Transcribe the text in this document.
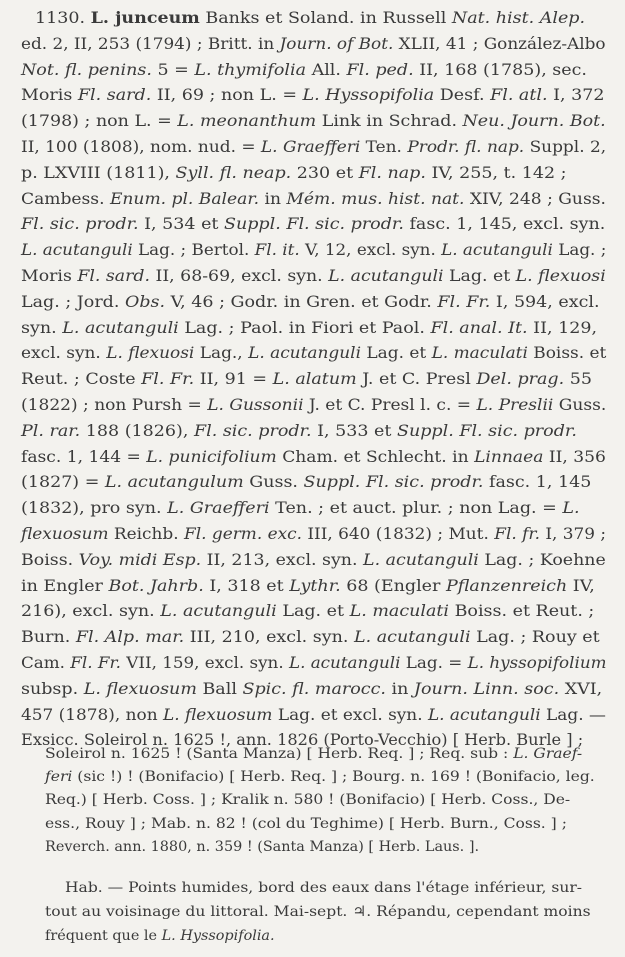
1130. L. junceum Banks et Soland. in Russell Nat. hist. Alep.
ed. 2, II, 253 (1794) ; Britt. in Journ. of Bot. XLII, 41 ; González-Albo
Not. fl. penins. 5 = L. thymifolia All. Fl. ped. II, 168 (1785), sec.
Moris Fl. sard. II, 69 ; non L. = L. Hyssopifolia Desf. Fl. atl. I, 372
(1798) ; non L. = L. meonanthum Link in Schrad. Neu. Journ. Bot.
II, 100 (1808), nom. nud. = L. Graefferi Ten. Prodr. fl. nap. Suppl. 2,
p. LXVIII (1811), Syll. fl. neap. 230 et Fl. nap. IV, 255, t. 142 ;
Cambess. Enum. pl. Balear. in Mém. mus. hist. nat. XIV, 248 ; Guss.
Fl. sic. prodr. I, 534 et Suppl. Fl. sic. prodr. fasc. 1, 145, excl. syn.
L. acutanguli Lag. ; Bertol. Fl. it. V, 12, excl. syn. L. acutanguli Lag. ;
Moris Fl. sard. II, 68-69, excl. syn. L. acutanguli Lag. et L. flexuosi
Lag. ; Jord. Obs. V, 46 ; Godr. in Gren. et Godr. Fl. Fr. I, 594, excl.
syn. L. acutanguli Lag. ; Paol. in Fiori et Paol. Fl. anal. It. II, 129,
excl. syn. L. flexuosi Lag., L. acutanguli Lag. et L. maculati Boiss. et
Reut. ; Coste Fl. Fr. II, 91 = L. alatum J. et C. Presl Del. prag. 55
(1822) ; non Pursh = L. Gussonii J. et C. Presl l. c. = L. Preslii Guss.
Pl. rar. 188 (1826), Fl. sic. prodr. I, 533 et Suppl. Fl. sic. prodr.
fasc. 1, 144 = L. punicifolium Cham. et Schlecht. in Linnaea II, 356
(1827) = L. acutangulum Guss. Suppl. Fl. sic. prodr. fasc. 1, 145
(1832), pro syn. L. Graefferi Ten. ; et auct. plur. ; non Lag. = L.
flexuosum Reichb. Fl. germ. exc. III, 640 (1832) ; Mut. Fl. fr. I, 379 ;
Boiss. Voy. midi Esp. II, 213, excl. syn. L. acutanguli Lag. ; Koehne
in Engler Bot. Jahrb. I, 318 et Lythr. 68 (Engler Pflanzenreich IV,
216), excl. syn. L. acutanguli Lag. et L. maculati Boiss. et Reut. ;
Burn. Fl. Alp. mar. III, 210, excl. syn. L. acutanguli Lag. ; Rouy et
Cam. Fl. Fr. VII, 159, excl. syn. L. acutanguli Lag. = L. hyssopifolium
subsp. L. flexuosum Ball Spic. fl. marocc. in Journ. Linn. soc. XVI,
457 (1878), non L. flexuosum Lag. et excl. syn. L. acutanguli Lag. —
Exsicc. Soleirol n. 1625 !, ann. 1826 (Porto-Vecchio) [ Herb. Burle ] ;
Soleirol n. 1625 ! (Santa Manza) [ Herb. Req. ] ; Req. sub : L. Graef-
feri (sic !) ! (Bonifacio) [ Herb. Req. ] ; Bourg. n. 169 ! (Bonifacio, leg.
Req.) [ Herb. Coss. ] ; Kralik n. 580 ! (Bonifacio) [ Herb. Coss., De-
ess., Rouy ] ; Mab. n. 82 ! (col du Teghime) [ Herb. Burn., Coss. ] ;
Reverch. ann. 1880, n. 359 ! (Santa Manza) [ Herb. Laus. ].
Hab. — Points humides, bord des eaux dans l'étage inférieur, sur-
tout au voisinage du littoral. Mai-sept. ♃. Répandu, cependant moins
fréquent que le L. Hyssopifolia.
